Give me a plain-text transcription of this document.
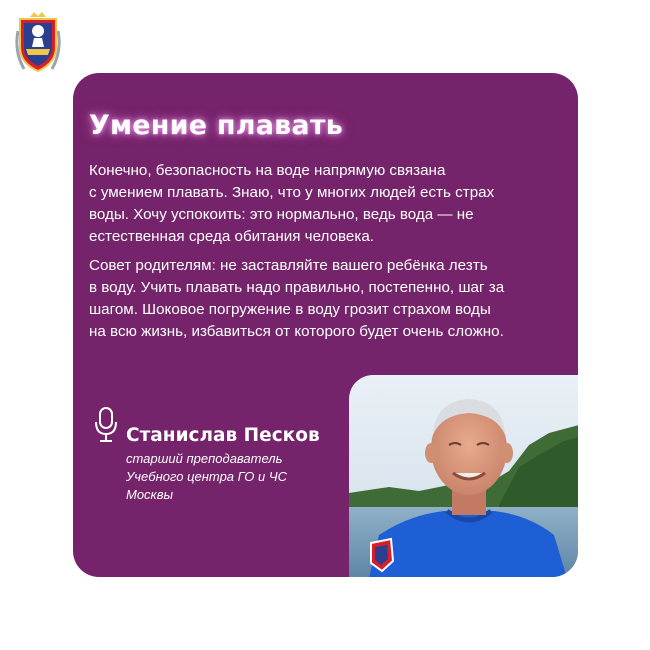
Умение плавать
Конечно, безопасность на воде напрямую связана
с умением плавать. Знаю, что у многих людей есть страх
воды. Хочу успокоить: это нормально, ведь вода — не
естественная среда обитания человека.
Совет родителям: не заставляйте вашего ребёнка лезть
в воду. Учить плавать надо правильно, постепенно, шаг за
шагом. Шоковое погружение в воду грозит страхом воды
на всю жизнь, избавиться от которого будет очень сложно.
Станислав Песков
старший преподаватель
Учебного центра ГО и ЧС
Москвы
